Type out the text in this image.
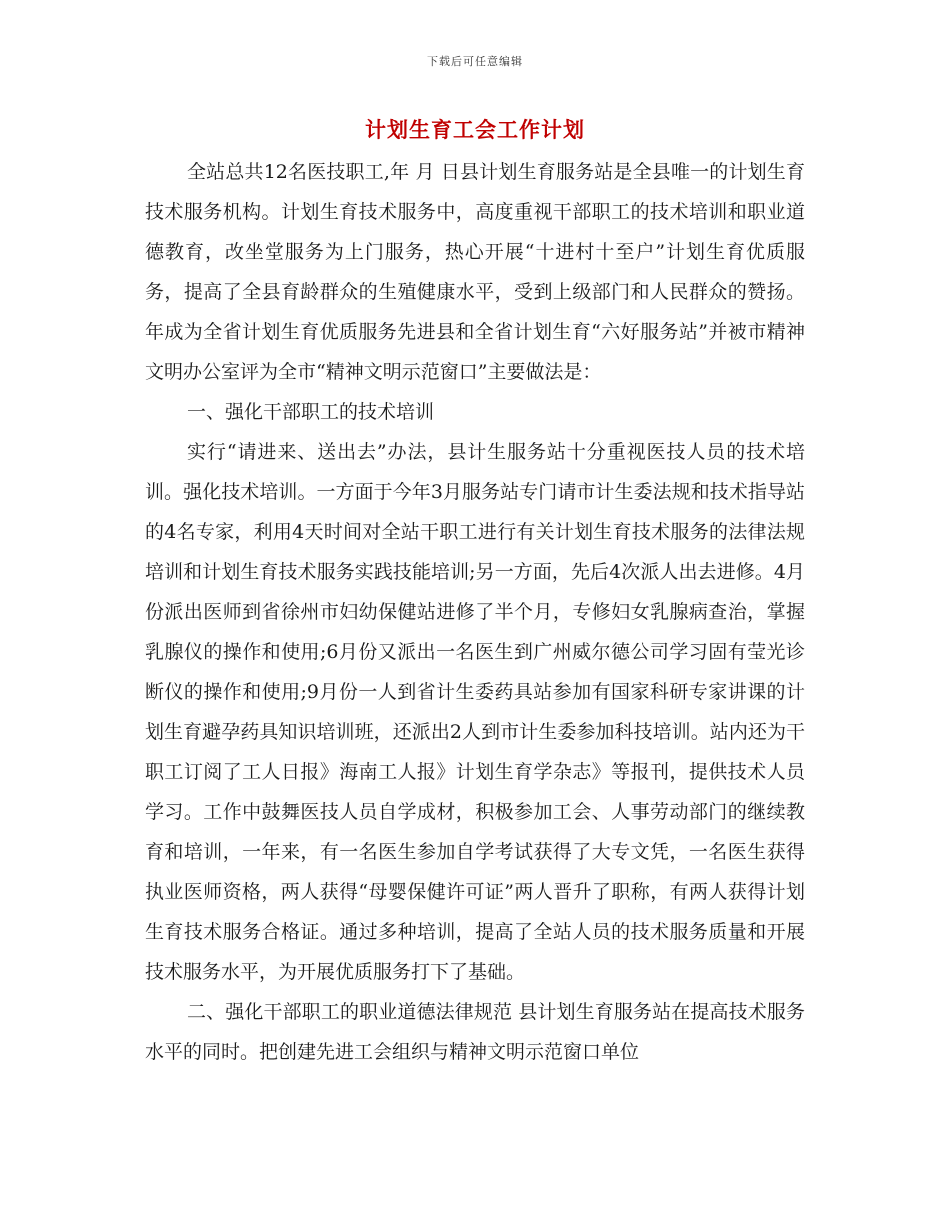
下载后可任意编辑
计划生育工会工作计划

全站总共12名医技职工,年 月 日县计划生育服务站是全县唯一的计划生育技术服务机构。计划生育技术服务中，高度重视干部职工的技术培训和职业道德教育，改坐堂服务为上门服务，热心开展“十进村十至户”计划生育优质服务，提高了全县育龄群众的生殖健康水平，受到上级部门和人民群众的赞扬。年成为全省计划生育优质服务先进县和全省计划生育“六好服务站”并被市精神文明办公室评为全市“精神文明示范窗口”主要做法是：

一、强化干部职工的技术培训

实行“请进来、送出去”办法，县计生服务站十分重视医技人员的技术培训。强化技术培训。一方面于今年3月服务站专门请市计生委法规和技术指导站的4名专家，利用4天时间对全站干职工进行有关计划生育技术服务的法律法规培训和计划生育技术服务实践技能培训;另一方面，先后4次派人出去进修。4月份派出医师到省徐州市妇幼保健站进修了半个月，专修妇女乳腺病查治，掌握乳腺仪的操作和使用;6月份又派出一名医生到广州威尔德公司学习固有莹光诊断仪的操作和使用;9月份一人到省计生委药具站参加有国家科研专家讲课的计划生育避孕药具知识培训班，还派出2人到市计生委参加科技培训。站内还为干职工订阅了工人日报》海南工人报》计划生育学杂志》等报刊，提供技术人员学习。工作中鼓舞医技人员自学成材，积极参加工会、人事劳动部门的继续教育和培训，一年来，有一名医生参加自学考试获得了大专文凭，一名医生获得执业医师资格，两人获得“母婴保健许可证”两人晋升了职称，有两人获得计划生育技术服务合格证。通过多种培训，提高了全站人员的技术服务质量和开展技术服务水平，为开展优质服务打下了基础。

二、强化干部职工的职业道德法律规范 县计划生育服务站在提高技术服务水平的同时。把创建先进工会组织与精神文明示范窗口单位
